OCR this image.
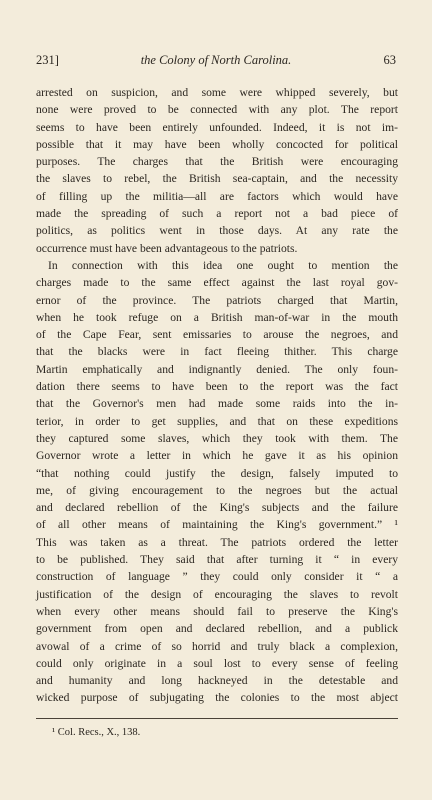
231]	the Colony of North Carolina.	63

arrested on suspicion, and some were whipped severely, but
none were proved to be connected with any plot. The report
seems to have been entirely unfounded. Indeed, it is not im-
possible that it may have been wholly concocted for political
purposes. The charges that the British were encouraging
the slaves to rebel, the British sea-captain, and the necessity
of filling up the militia—all are factors which would have
made the spreading of such a report not a bad piece of
politics, as politics went in those days. At any rate the
occurrence must have been advantageous to the patriots.

In connection with this idea one ought to mention the
charges made to the same effect against the last royal gov-
ernor of the province. The patriots charged that Martin,
when he took refuge on a British man-of-war in the mouth
of the Cape Fear, sent emissaries to arouse the negroes, and
that the blacks were in fact fleeing thither. This charge
Martin emphatically and indignantly denied. The only foun-
dation there seems to have been to the report was the fact
that the Governor's men had made some raids into the in-
terior, in order to get supplies, and that on these expeditions
they captured some slaves, which they took with them. The
Governor wrote a letter in which he gave it as his opinion
“that nothing could justify the design, falsely imputed to
me, of giving encouragement to the negroes but the actual
and declared rebellion of the King's subjects and the failure
of all other means of maintaining the King's government.” ¹
This was taken as a threat. The patriots ordered the letter
to be published. They said that after turning it “ in every
construction of language ” they could only consider it “ a
justification of the design of encouraging the slaves to revolt
when every other means should fail to preserve the King's
government from open and declared rebellion, and a publick
avowal of a crime of so horrid and truly black a complexion,
could only originate in a soul lost to every sense of feeling
and humanity and long hackneyed in the detestable and
wicked purpose of subjugating the colonies to the most abject

¹ Col. Recs., X., 138.
